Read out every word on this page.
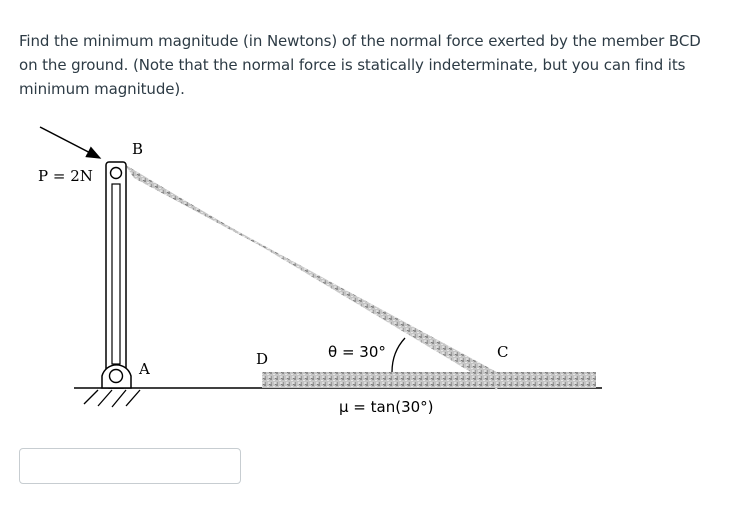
Find the minimum magnitude (in Newtons) of the normal force exerted by the member BCD on the ground. (Note that the normal force is statically indeterminate, but you can find its minimum magnitude).
P = 2N
B
A
D	C
θ = 30°
μ = tan(30°)
